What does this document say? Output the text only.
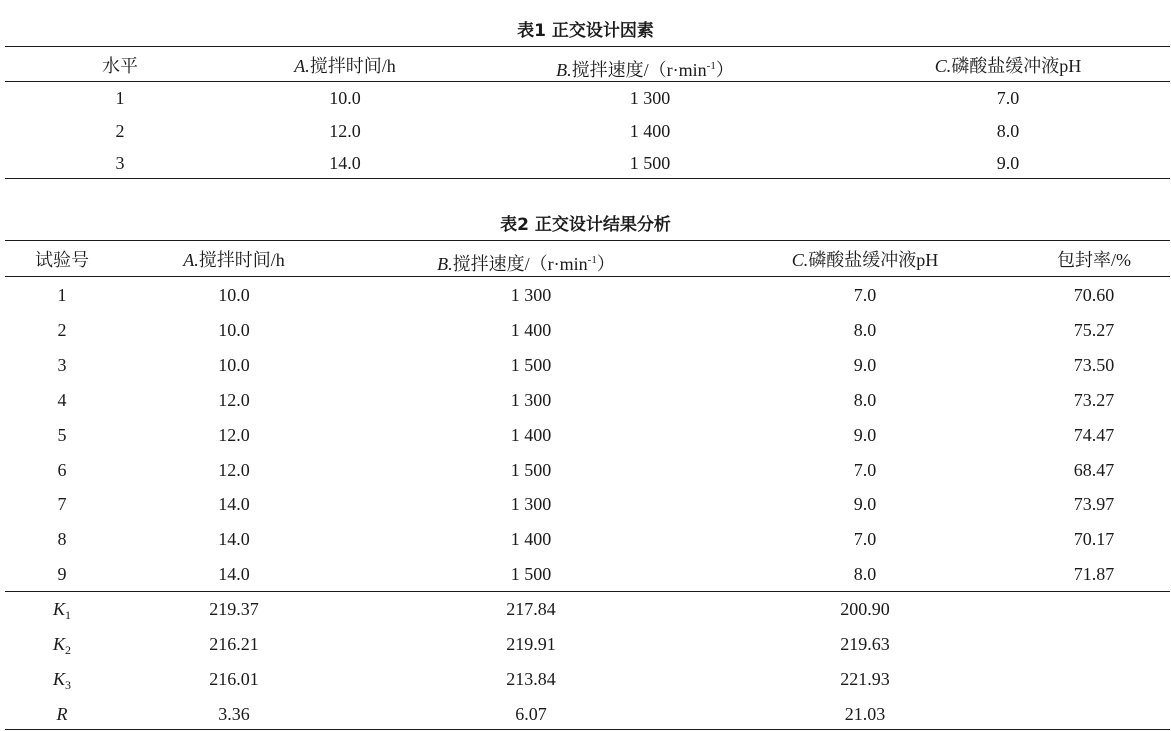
表1 正交设计因素
水平	A.搅拌时间/h	B.搅拌速度$/(r\cdot\min^{-1})$	C.磷酸盐缓冲液pH
1	10.0	1 300	7.0
2	12.0	1 400	8.0
3	14.0	1 500	9.0
表2 正交设计结果分析
试验号	A.搅拌时间/h	B.搅拌速度$/(r\cdot\min^{-1})$	C.磷酸盐缓冲液pH	包封率/%
1	10.0	1 300	7.0	70.60
2	10.0	1 400	8.0	75.27
3	10.0	1 500	9.0	73.50
4	12.0	1 300	8.0	73.27
5	12.0	1 400	9.0	74.47
6	12.0	1 500	7.0	68.47
7	14.0	1 300	9.0	73.97
8	14.0	1 400	7.0	70.17
9	14.0	1 500	8.0	71.87
$K_1$	219.37	217.84	200.90
$K_2$	216.21	219.91	219.63
$K_3$	216.01	213.84	221.93
R	3.36	6.07	21.03
